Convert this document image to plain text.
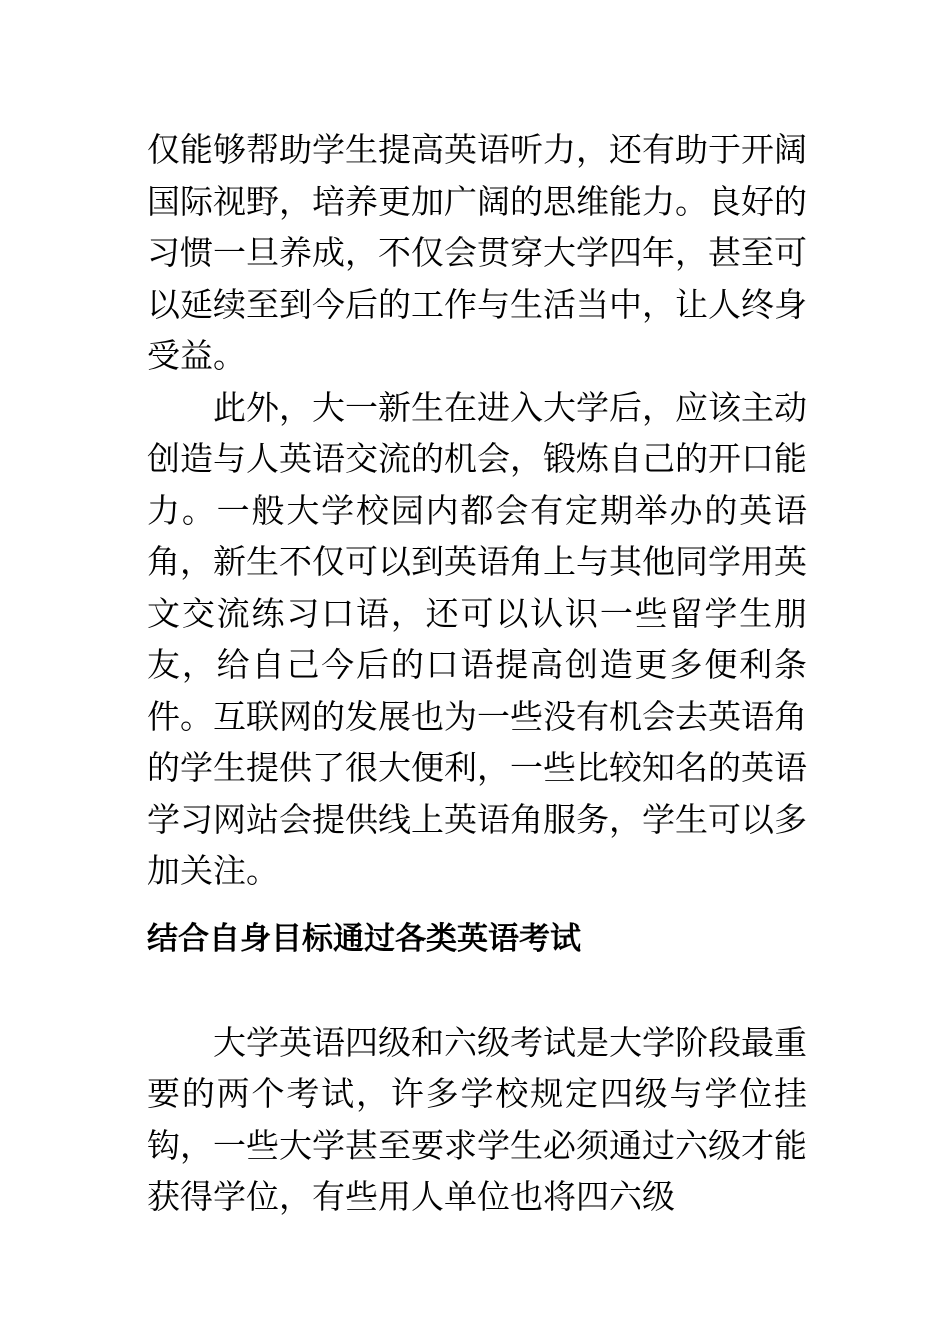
仅能够帮助学生提高英语听力，还有助于开阔国际视野，培养更加广阔的思维能力。良好的习惯一旦养成，不仅会贯穿大学四年，甚至可以延续至到今后的工作与生活当中，让人终身受益。

此外，大一新生在进入大学后，应该主动创造与人英语交流的机会，锻炼自己的开口能力。一般大学校园内都会有定期举办的英语角，新生不仅可以到英语角上与其他同学用英文交流练习口语，还可以认识一些留学生朋友，给自己今后的口语提高创造更多便利条件。互联网的发展也为一些没有机会去英语角的学生提供了很大便利，一些比较知名的英语学习网站会提供线上英语角服务，学生可以多加关注。

结合自身目标通过各类英语考试

大学英语四级和六级考试是大学阶段最重要的两个考试，许多学校规定四级与学位挂钩，一些大学甚至要求学生必须通过六级才能获得学位，有些用人单位也将四六级
